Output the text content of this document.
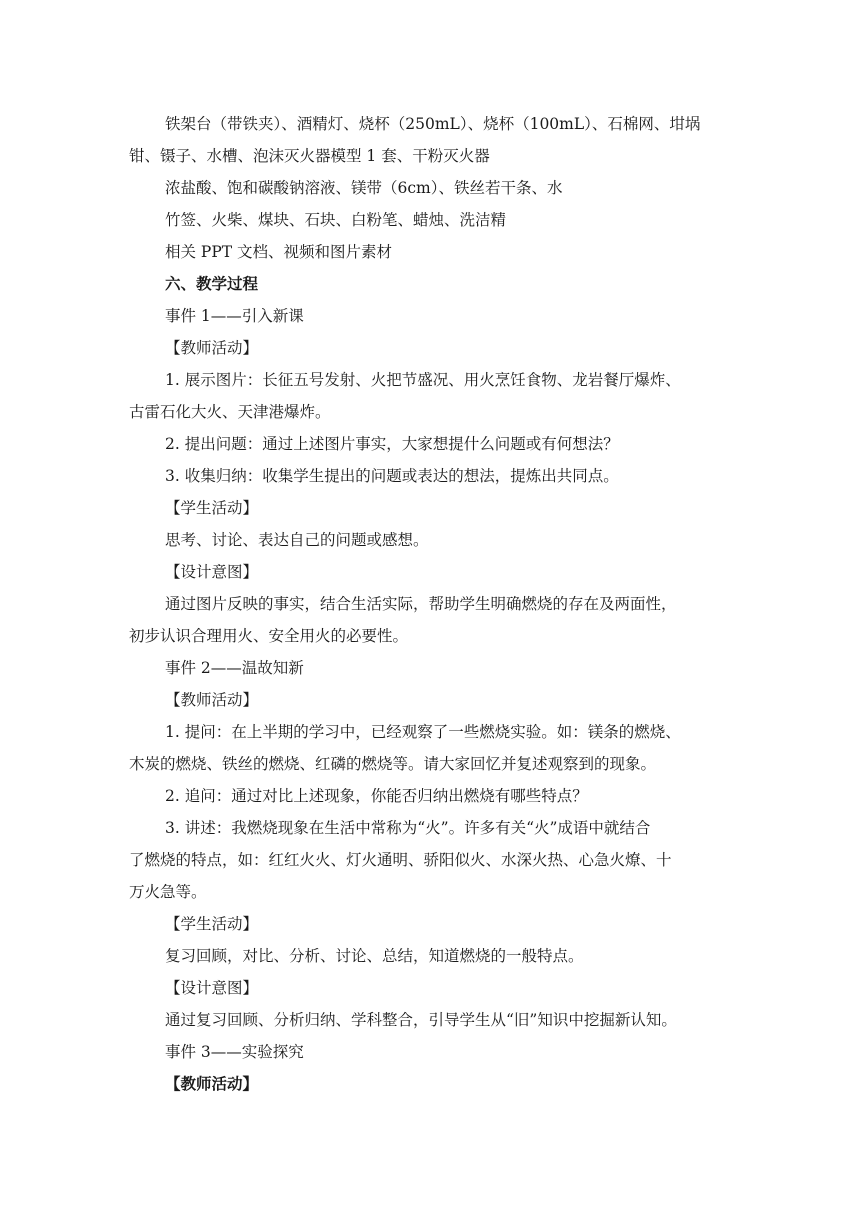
铁架台（带铁夹）、酒精灯、烧杯（250mL）、烧杯（100mL）、石棉网、坩埚
钳、镊子、水槽、泡沫灭火器模型 1 套、干粉灭火器
浓盐酸、饱和碳酸钠溶液、镁带（6cm）、铁丝若干条、水
竹签、火柴、煤块、石块、白粉笔、蜡烛、洗洁精
相关 PPT 文档、视频和图片素材
六、教学过程
事件 1——引入新课
【教师活动】
1. 展示图片：长征五号发射、火把节盛况、用火烹饪食物、龙岩餐厅爆炸、
古雷石化大火、天津港爆炸。
2. 提出问题：通过上述图片事实，大家想提什么问题或有何想法？
3. 收集归纳：收集学生提出的问题或表达的想法，提炼出共同点。
【学生活动】
思考、讨论、表达自己的问题或感想。
【设计意图】
通过图片反映的事实，结合生活实际，帮助学生明确燃烧的存在及两面性，
初步认识合理用火、安全用火的必要性。
事件 2——温故知新
【教师活动】
1. 提问：在上半期的学习中，已经观察了一些燃烧实验。如：镁条的燃烧、
木炭的燃烧、铁丝的燃烧、红磷的燃烧等。请大家回忆并复述观察到的现象。
2. 追问：通过对比上述现象，你能否归纳出燃烧有哪些特点？
3. 讲述：我燃烧现象在生活中常称为“火”。许多有关“火”成语中就结合
了燃烧的特点，如：红红火火、灯火通明、骄阳似火、水深火热、心急火燎、十
万火急等。
【学生活动】
复习回顾，对比、分析、讨论、总结，知道燃烧的一般特点。
【设计意图】
通过复习回顾、分析归纳、学科整合，引导学生从“旧”知识中挖掘新认知。
事件 3——实验探究
【教师活动】
